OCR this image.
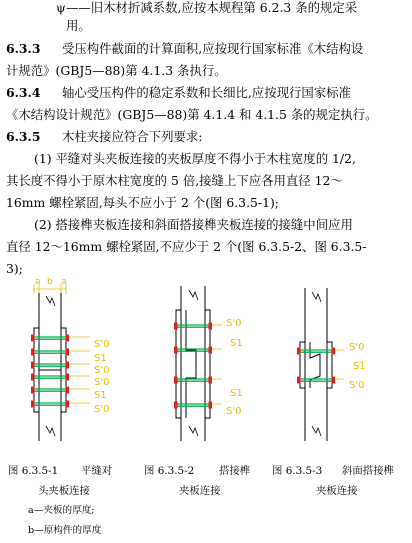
ψ ——旧木材折减系数,应按本规程第 6.2.3 条的规定采
用。
6.3.3 受压构件截面的计算面积,应按现行国家标准《木结构设
计规范》(GBJ5—88)第 4.1.3 条执行。
6.3.4 轴心受压构件的稳定系数和长细比,应按现行国家标准
《木结构设计规范》(GBJ5—88)第 4.1.4 和 4.1.5 条的规定执行。
6.3.5 木柱夹接应符合下列要求:
(1) 平缝对头夹板连接的夹板厚度不得小于木柱宽度的 1/2,
其长度不得小于原木柱宽度的 5 倍,接缝上下应各用直径 12～
16mm 螺栓紧固,每头不应小于 2 个(图 6.3.5-1);
(2) 搭接榫夹板连接和斜面搭接榫夹板连接的接缝中间应用
直径 12～16mm 螺栓紧固,不应少于 2 个(图 6.3.5-2、图 6.3.5-
3);
a b a
S'0
S1
S'0
S'0
S1
S'0
S'0
S1
S1
S'0
S'0
S1
S'0
图 6.3.5-1 平缝对
头夹板连接
图 6.3.5-2 搭接榫
夹板连接
图 6.3.5-3 斜面搭接榫
夹板连接
a—夹板的厚度;
b—原构件的厚度
